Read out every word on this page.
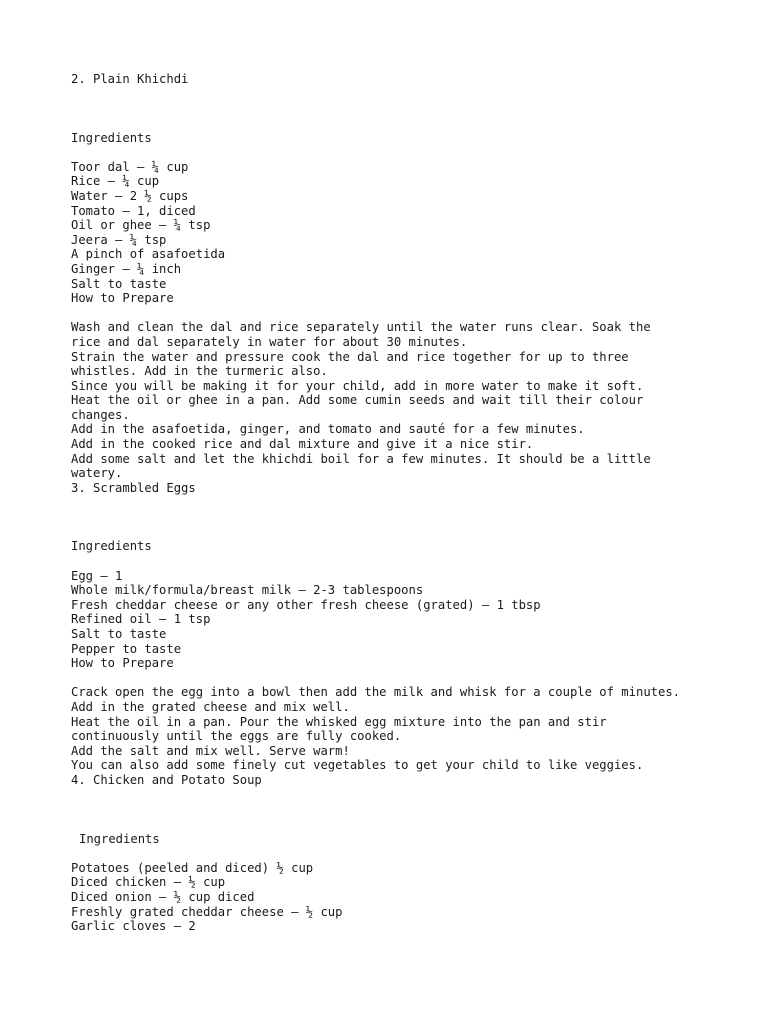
2. Plain Khichdi
Ingredients
Toor dal – ¼ cup
Rice – ¼ cup
Water – 2 ½ cups
Tomato – 1, diced
Oil or ghee – ¼ tsp
Jeera – ¼ tsp
A pinch of asafoetida
Ginger – ¼ inch
Salt to taste
How to Prepare
Wash and clean the dal and rice separately until the water runs clear. Soak the
rice and dal separately in water for about 30 minutes.
Strain the water and pressure cook the dal and rice together for up to three
whistles. Add in the turmeric also.
Since you will be making it for your child, add in more water to make it soft.
Heat the oil or ghee in a pan. Add some cumin seeds and wait till their colour
changes.
Add in the asafoetida, ginger, and tomato and sauté for a few minutes.
Add in the cooked rice and dal mixture and give it a nice stir.
Add some salt and let the khichdi boil for a few minutes. It should be a little
watery.
3. Scrambled Eggs
Ingredients
Egg – 1
Whole milk/formula/breast milk – 2-3 tablespoons
Fresh cheddar cheese or any other fresh cheese (grated) – 1 tbsp
Refined oil – 1 tsp
Salt to taste
Pepper to taste
How to Prepare
Crack open the egg into a bowl then add the milk and whisk for a couple of minutes.
Add in the grated cheese and mix well.
Heat the oil in a pan. Pour the whisked egg mixture into the pan and stir
continuously until the eggs are fully cooked.
Add the salt and mix well. Serve warm!
You can also add some finely cut vegetables to get your child to like veggies.
4. Chicken and Potato Soup
Ingredients
Potatoes (peeled and diced) ½ cup
Diced chicken – ½ cup
Diced onion – ½ cup diced
Freshly grated cheddar cheese – ½ cup
Garlic cloves – 2
